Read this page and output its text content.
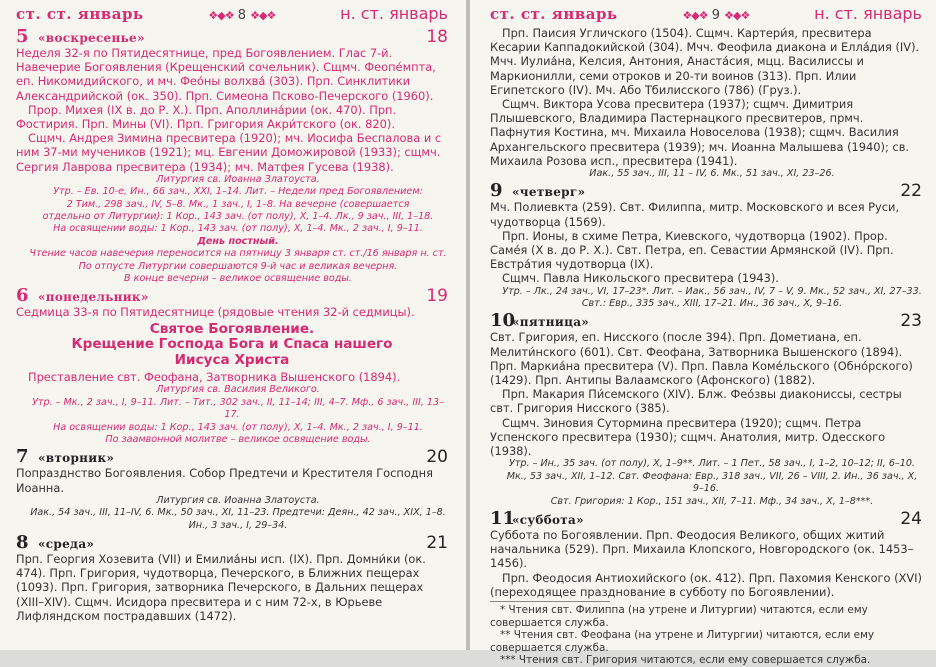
ст. ст. январь	❖◆❖ 8 ❖◆❖	н. ст. январь
5 «воскресенье»	18

Неделя 32-я по Пятидесятнице, пред Богоявлением. Глас 7-й.

Навечерие Богоявления (Крещенский сочельник). Сщмч. Феопе́мпта, еп. Никомидийского, и мч. Фео́ны волхва́ (303). Прп. Синклитики Александрийской (ок. 350). Прп. Симеона Псково-Печерского (1960).

Прор. Михея (IX в. до Р. Х.). Прп. Аполлина́рии (ок. 470). Прп. Фостирия. Прп. Мины (VI). Прп. Григория Акри́тского (ок. 820).

Сщмч. Андрея Зимина пресвитера (1920); мч. Иосифа Беспалова и с ним 37-ми мучеников (1921); мц. Евгении Доможировой (1933); сщмч. Сергия Лаврова пресвитера (1934); мч. Матфея Гусева (1938).

Литургия св. Иоанна Златоуста.

Утр. – Ев. 10-е, Ин., 66 зач., XXI, 1–14. Лит. – Недели пред Богоявлением:

2 Тим., 298 зач., IV, 5–8. Мк., 1 зач., I, 1–8. На вечерне (совершается

отдельно от Литургии): 1 Кор., 143 зач. (от полу), X, 1–4. Лк., 9 зач., III, 1–18.

На освящении воды: 1 Кор., 143 зач. (от полу), X, 1–4. Мк., 2 зач., I, 9–11.

День постный.

Чтение часов навечерия переносится на пятницу 3 января ст. ст./16 января н. ст.

По отпусте Литургии совершаются 9-й час и великая вечерня.

В конце вечерни – великое освящение воды.

6 «понедельник»	19

Седмица 33-я по Пятидесятнице (рядовые чтения 32-й седмицы).

Святое Богоявление.
Крещение Господа Бога и Спаса нашего
Иисуса Христа

Преставление свт. Феофана, Затворника Вышенского (1894).

Литургия св. Василия Великого.

Утр. – Мк., 2 зач., I, 9–11. Лит. – Тит., 302 зач., II, 11–14; III, 4–7. Мф., 6 зач., III, 13–17.

На освящении воды: 1 Кор., 143 зач. (от полу), X, 1–4. Мк., 2 зач., I, 9–11.

По заамвонной молитве – великое освящение воды.

7 «вторник»	20

Попразднство Богоявления. Собор Предтечи и Крестителя Господня Иоанна.

Литургия св. Иоанна Златоуста.

Иак., 54 зач., III, 11–IV, 6. Мк., 50 зач., XI, 11–23. Предтечи: Деян., 42 зач., XIX, 1–8.

Ин., 3 зач., I, 29–34.

8 «среда»	21

Прп. Георгия Хозевита (VII) и Емилиа́ны исп. (IX). Прп. Домни́ки (ок. 474). Прп. Григория, чудотворца, Печерского, в Ближних пещерах (1093). Прп. Григория, затворника Печерского, в Дальних пещерах (XIII–XIV). Сщмч. Исидора пресвитера и с ним 72-х, в Юрьеве Лифляндском пострадавших (1472).

ст. ст. январь	❖◆❖ 9 ❖◆❖	н. ст. январь

Прп. Паисия Угличского (1504). Сщмч. Картери́я, пресвитера Кесарии Каппадокийской (304). Мчч. Феофила диакона и Елла́дия (IV). Мчч. Иулиа́на, Келсия, Антония, Анаста́сия, мцц. Василиссы и Маркионилли, семи отроков и 20-ти воинов (313). Прп. Илии Египетского (IV). Мч. Або Тбилисского (786) (Груз.).

Сщмч. Виктора Усова пресвитера (1937); сщмч. Димитрия Плышевского, Владимира Пастернацкого пресвитеров, прмч. Пафнутия Костина, мч. Михаила Новоселова (1938); сщмч. Василия Архангельского пресвитера (1939); мч. Иоанна Малышева (1940); св. Михаила Розова исп., пресвитера (1941).

Иак., 55 зач., III, 11 – IV, 6. Мк., 51 зач., XI, 23–26.

9 «четверг»	22

Мч. Полиевкта (259). Свт. Филиппа, митр. Московского и всея Руси, чудотворца (1569).

Прп. Ионы, в схиме Петра, Киевского, чудотворца (1902). Прор. Саме́я (X в. до Р. Х.). Свт. Петра, еп. Севастии Армянской (IV). Прп. Евстра́тия чудотворца (IX).

Сщмч. Павла Никольского пресвитера (1943).

Утр. – Лк., 24 зач., VI, 17–23*. Лит. – Иак., 56 зач., IV, 7 – V, 9. Мк., 52 зач., XI, 27–33.

Свт.: Евр., 335 зач., XIII, 17–21. Ин., 36 зач., X, 9–16.

10
«пятница»	23

Свт. Григория, еп. Нисского (после 394). Прп. Дометиана, еп. Мелити́нского (601). Свт. Феофана, Затворника Вышенского (1894). Прп. Маркиа́на пресвитера (V). Прп. Павла Коме́льского (Обно́рского) (1429). Прп. Антипы Валаамского (Афонского) (1882).

Прп. Макария Пи́семского (XIV). Блж. Фео́звы диакониссы, сестры свт. Григория Нисского (385).

Сщмч. Зиновия Сутормина пресвитера (1920); сщмч. Петра Успенского пресвитера (1930); сщмч. Анатолия, митр. Одесского (1938).

Утр. – Ин., 35 зач. (от полу), X, 1–9**. Лит. – 1 Пет., 58 зач., I, 1–2, 10–12; II, 6–10.

Мк., 53 зач., XII, 1–12. Свт. Феофана: Евр., 318 зач., VII, 26 – VIII, 2. Ин., 36 зач., X, 9–16.

Свт. Григория: 1 Кор., 151 зач., XII, 7–11. Мф., 34 зач., X, 1–8***.

11
«суббота»	24

Суббота по Богоявлении. Прп. Феодосия Великого, общих житий начальника (529). Прп. Михаила Клопского, Новгородского (ок. 1453–1456).

Прп. Феодосия Антиохийского (ок. 412). Прп. Пахомия Кенского (XVI) (переходящее празднование в субботу по Богоявлении).

* Чтения свт. Филиппа (на утрене и Литургии) читаются, если ему совершается служба.

** Чтения свт. Феофана (на утрене и Литургии) читаются, если ему совершается служба.

*** Чтения свт. Григория читаются, если ему совершается служба.
